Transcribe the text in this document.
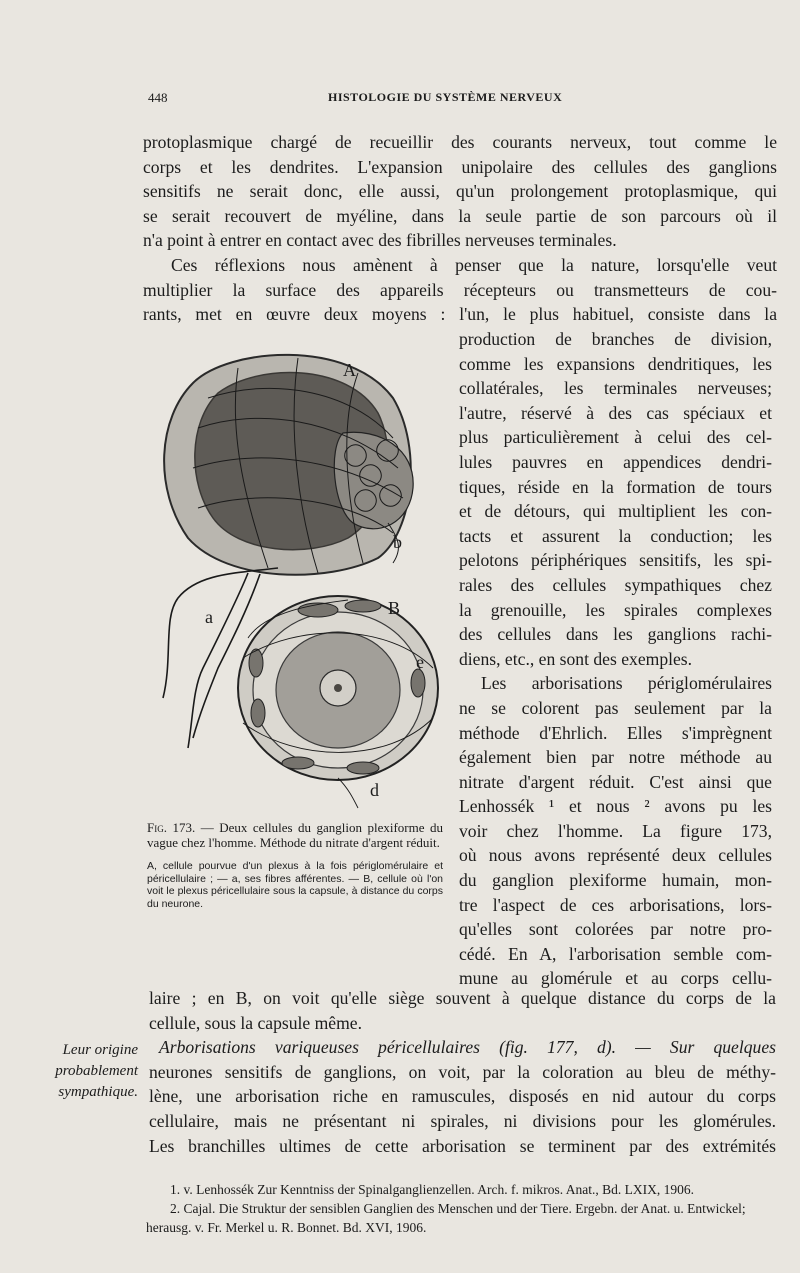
448	HISTOLOGIE DU SYSTÈME NERVEUX
protoplasmique chargé de recueillir des courants nerveux, tout comme le
corps et les dendrites. L'expansion unipolaire des cellules des ganglions
sensitifs ne serait donc, elle aussi, qu'un prolongement protoplasmique, qui
se serait recouvert de myéline, dans la seule partie de son parcours où il
n'a point à entrer en contact avec des fibrilles nerveuses terminales.
Ces réflexions nous amènent à penser que la nature, lorsqu'elle veut
multiplier la surface des appareils récepteurs ou transmetteurs de cou-
rants, met en œuvre deux moyens : l'un, le plus habituel, consiste dans la
production de branches de division,
comme les expansions dendritiques, les
collatérales, les terminales nerveuses;
l'autre, réservé à des cas spéciaux et
plus particulièrement à celui des cel-
lules pauvres en appendices dendri-
tiques, réside en la formation de tours
et de détours, qui multiplient les con-
tacts et assurent la conduction; les
pelotons périphériques sensitifs, les spi-
rales des cellules sympathiques chez
la grenouille, les spirales complexes
des cellules dans les ganglions rachi-
diens, etc., en sont des exemples.
Les arborisations périglomérulaires
ne se colorent pas seulement par la
méthode d'Ehrlich. Elles s'imprègnent
également bien par notre méthode au
nitrate d'argent réduit. C'est ainsi que
Lenhossék ¹ et nous ² avons pu les
voir chez l'homme. La figure 173,
où nous avons représenté deux cellules
du ganglion plexiforme humain, mon-
tre l'aspect de ces arborisations, lors-
qu'elles sont colorées par notre pro-
cédé. En A, l'arborisation semble com-
mune au glomérule et au corps cellu-
A
b
a	B
e
d

Fig. 173. — Deux cellules du ganglion plexiforme du vague chez l'homme. Méthode du nitrate d'argent réduit.

A, cellule pourvue d'un plexus à la fois périglomérulaire et péricellulaire ; — a, ses fibres afférentes. — B, cellule où l'on voit le plexus péricellulaire sous la capsule, à distance du corps du neurone.

laire ; en B, on voit qu'elle siège souvent à quelque distance du corps de la
cellule, sous la capsule même.
Arborisations variqueuses péricellulaires (fig. 177, d). — Sur quelques
neurones sensitifs de ganglions, on voit, par la coloration au bleu de méthy-
lène, une arborisation riche en ramuscules, disposés en nid autour du corps
cellulaire, mais ne présentant ni spirales, ni divisions pour les glomérules.
Les branchilles ultimes de cette arborisation se terminent par des extrémités
Leur origine probablement sympathique.

1. v. Lenhossék Zur Kenntniss der Spinalganglienzellen. Arch. f. mikros. Anat., Bd. LXIX, 1906.

2. Cajal. Die Struktur der sensiblen Ganglien des Menschen und der Tiere. Ergebn. der Anat. u. Entwickel; herausg. v. Fr. Merkel u. R. Bonnet. Bd. XVI, 1906.
